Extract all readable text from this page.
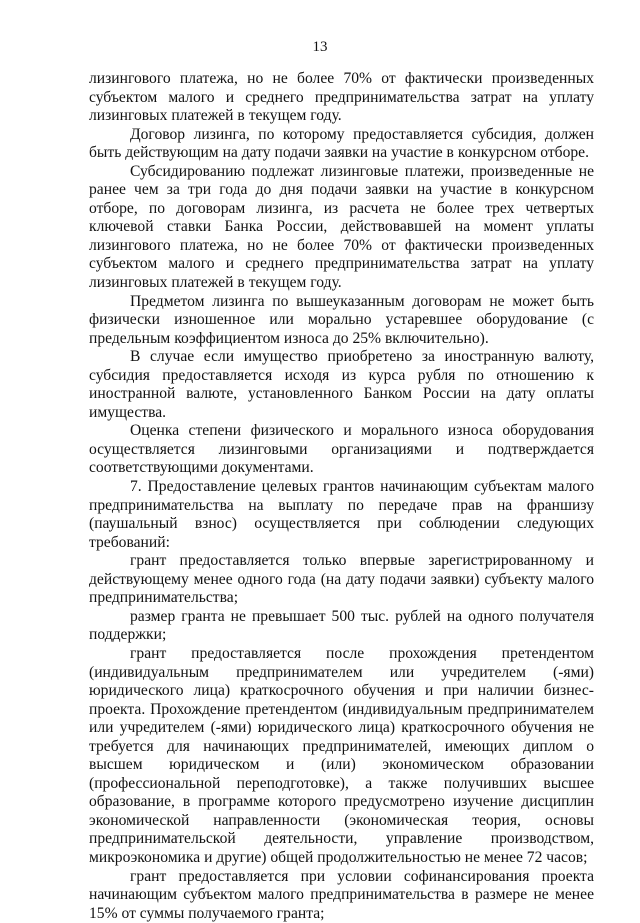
13

лизингового платежа, но не более 70% от фактически произведенных субъектом малого и среднего предпринимательства затрат на уплату лизинговых платежей в текущем году.

Договор лизинга, по которому предоставляется субсидия, должен быть действующим на дату подачи заявки на участие в конкурсном отборе.

Субсидированию подлежат лизинговые платежи, произведенные не ранее чем за три года до дня подачи заявки на участие в конкурсном отборе, по договорам лизинга, из расчета не более трех четвертых ключевой ставки Банка России, действовавшей на момент уплаты лизингового платежа, но не более 70% от фактически произведенных субъектом малого и среднего предпринимательства затрат на уплату лизинговых платежей в текущем году.

Предметом лизинга по вышеуказанным договорам не может быть физически изношенное или морально устаревшее оборудование (с предельным коэффициентом износа до 25% включительно).

В случае если имущество приобретено за иностранную валюту, субсидия предоставляется исходя из курса рубля по отношению к иностранной валюте, установленного Банком России на дату оплаты имущества.

Оценка степени физического и морального износа оборудования осуществляется лизинговыми организациями и подтверждается соответствующими документами.

7. Предоставление целевых грантов начинающим субъектам малого предпринимательства на выплату по передаче прав на франшизу (паушальный взнос) осуществляется при соблюдении следующих требований:

грант предоставляется только впервые зарегистрированному и действующему менее одного года (на дату подачи заявки) субъекту малого предпринимательства;

размер гранта не превышает 500 тыс. рублей на одного получателя поддержки;

грант предоставляется после прохождения претендентом (индивидуальным предпринимателем или учредителем (-ями) юридического лица) краткосрочного обучения и при наличии бизнес-проекта. Прохождение претендентом (индивидуальным предпринимателем или учредителем (-ями) юридического лица) краткосрочного обучения не требуется для начинающих предпринимателей, имеющих диплом о высшем юридическом и (или) экономическом образовании (профессиональной переподготовке), а также получивших высшее образование, в программе которого предусмотрено изучение дисциплин экономической направленности (экономическая теория, основы предпринимательской деятельности, управление производством, микроэкономика и другие) общей продолжительностью не менее 72 часов;

грант предоставляется при условии софинансирования проекта начинающим субъектом малого предпринимательства в размере не менее 15% от суммы получаемого гранта;
